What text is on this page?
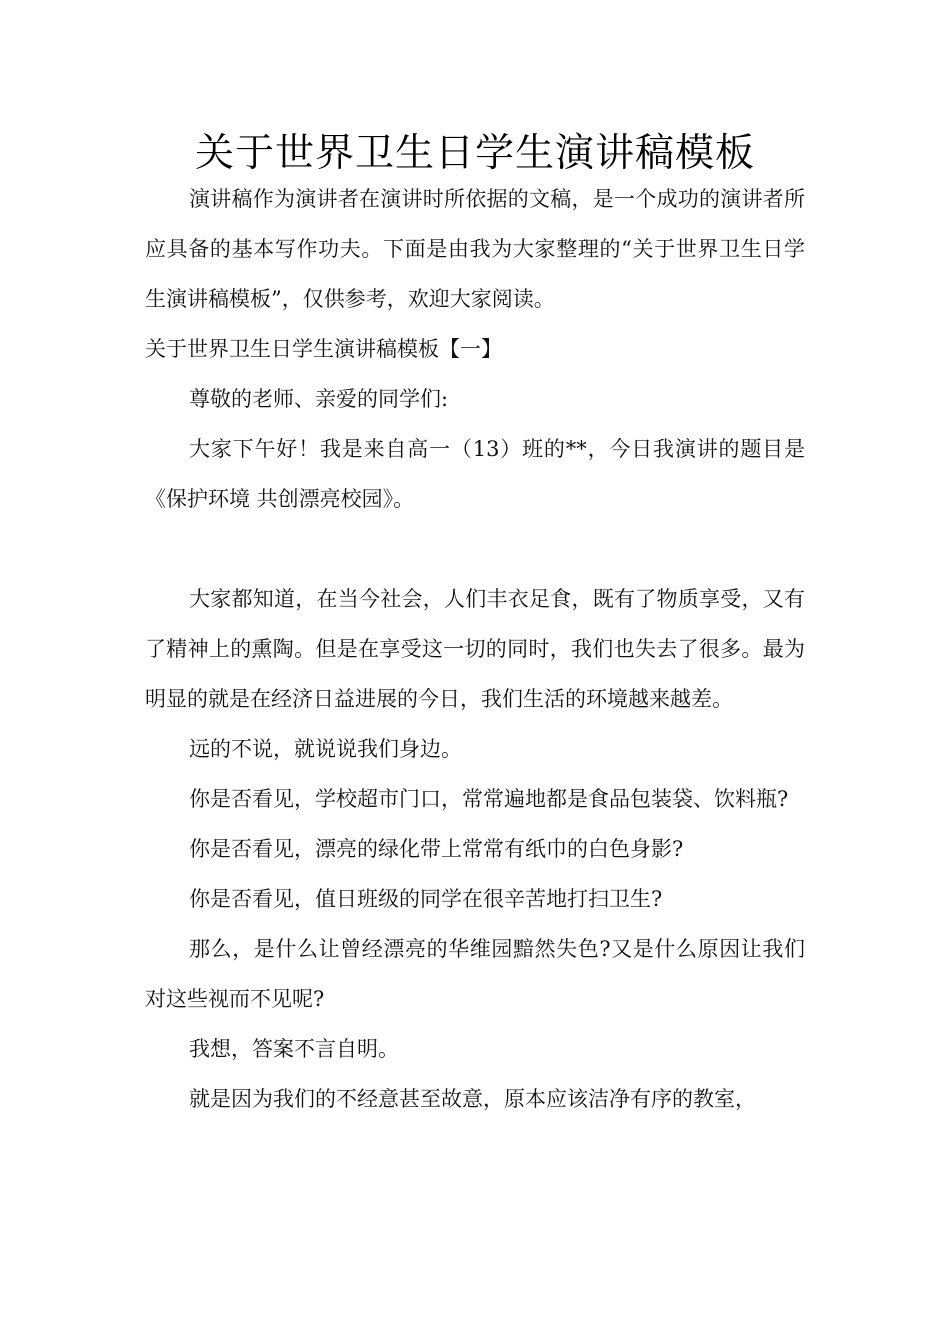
关于世界卫生日学生演讲稿模板

演讲稿作为演讲者在演讲时所依据的文稿，是一个成功的演讲者所应具备的基本写作功夫。下面是由我为大家整理的“关于世界卫生日学生演讲稿模板”，仅供参考，欢迎大家阅读。

关于世界卫生日学生演讲稿模板【一】

尊敬的老师、亲爱的同学们:

大家下午好！我是来自高一（13）班的**，今日我演讲的题目是《保护环境 共创漂亮校园》。

大家都知道，在当今社会，人们丰衣足食，既有了物质享受，又有了精神上的熏陶。但是在享受这一切的同时，我们也失去了很多。最为明显的就是在经济日益进展的今日，我们生活的环境越来越差。

远的不说，就说说我们身边。

你是否看见，学校超市门口，常常遍地都是食品包装袋、饮料瓶?

你是否看见，漂亮的绿化带上常常有纸巾的白色身影?

你是否看见，值日班级的同学在很辛苦地打扫卫生?

那么，是什么让曾经漂亮的华维园黯然失色?又是什么原因让我们对这些视而不见呢?

我想，答案不言自明。

就是因为我们的不经意甚至故意，原本应该洁净有序的教室，
